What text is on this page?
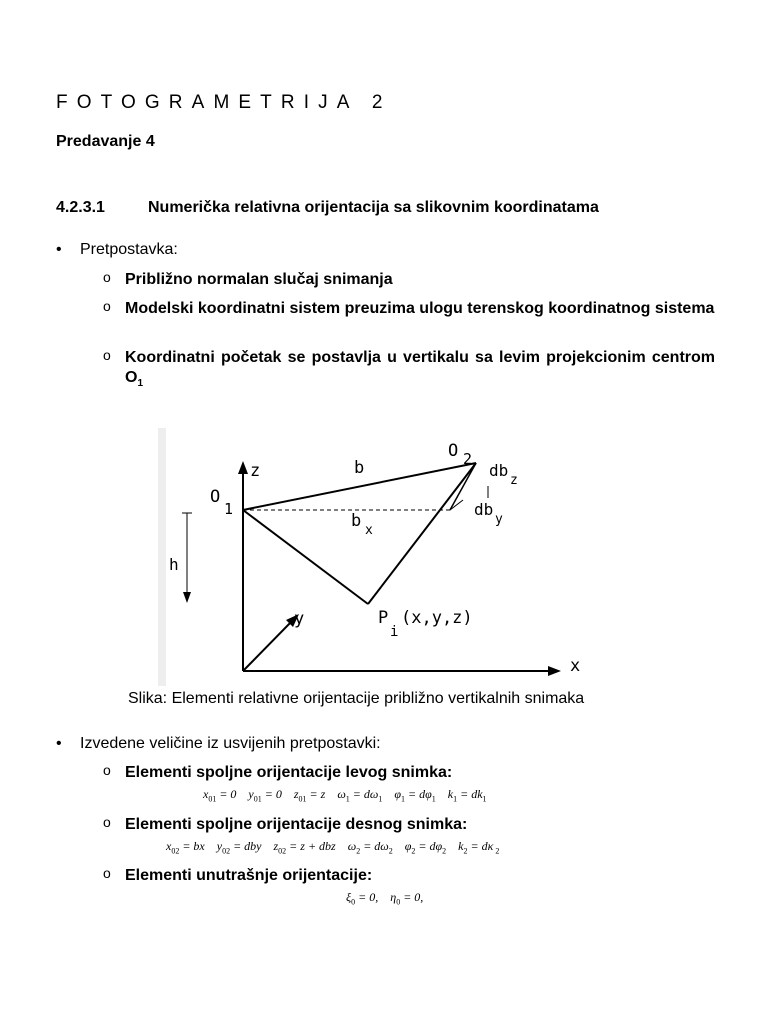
FOTOGRAMETRIJA 2
Predavanje 4
4.2.3.1	Numerička relativna orijentacija sa slikovnim koordinatama
• Pretpostavka:
o Približno normalan slučaj snimanja
o Modelski koordinatni sistem preuzima ulogu terenskog koordinatnog sistema
o Koordinatni početak se postavlja u vertikalu sa levim projekcionim centrom $O_1$
z
x
y
h
b
b x
O
1
O 2
db
z
db
y
P
i
(x,y,z)
Slika: Elementi relativne orijentacije približno vertikalnih snimaka
• Izvedene veličine iz usvijenih pretpostavki:
o Elementi spoljne orijentacije levog snimka:
$x_{01} = 0$    $y_{01} = 0$    $z_{01} = z$    $\omega_1 = d\omega_1$    $\varphi_1 = d\varphi_1$    $k_1 = dk_1$
o Elementi spoljne orijentacije desnog snimka:
$x_{02}$ = bx    $y_{02}$ = dby    $z_{02} = z$ + dbz    $\omega_2 = d\omega_2$    $\varphi_2 = d\varphi_2$    $k_2 = d\kappa$ $_2$
o Elementi unutrašnje orijentacije:
$\xi_0 = 0$,    $\eta_0 = 0$,
